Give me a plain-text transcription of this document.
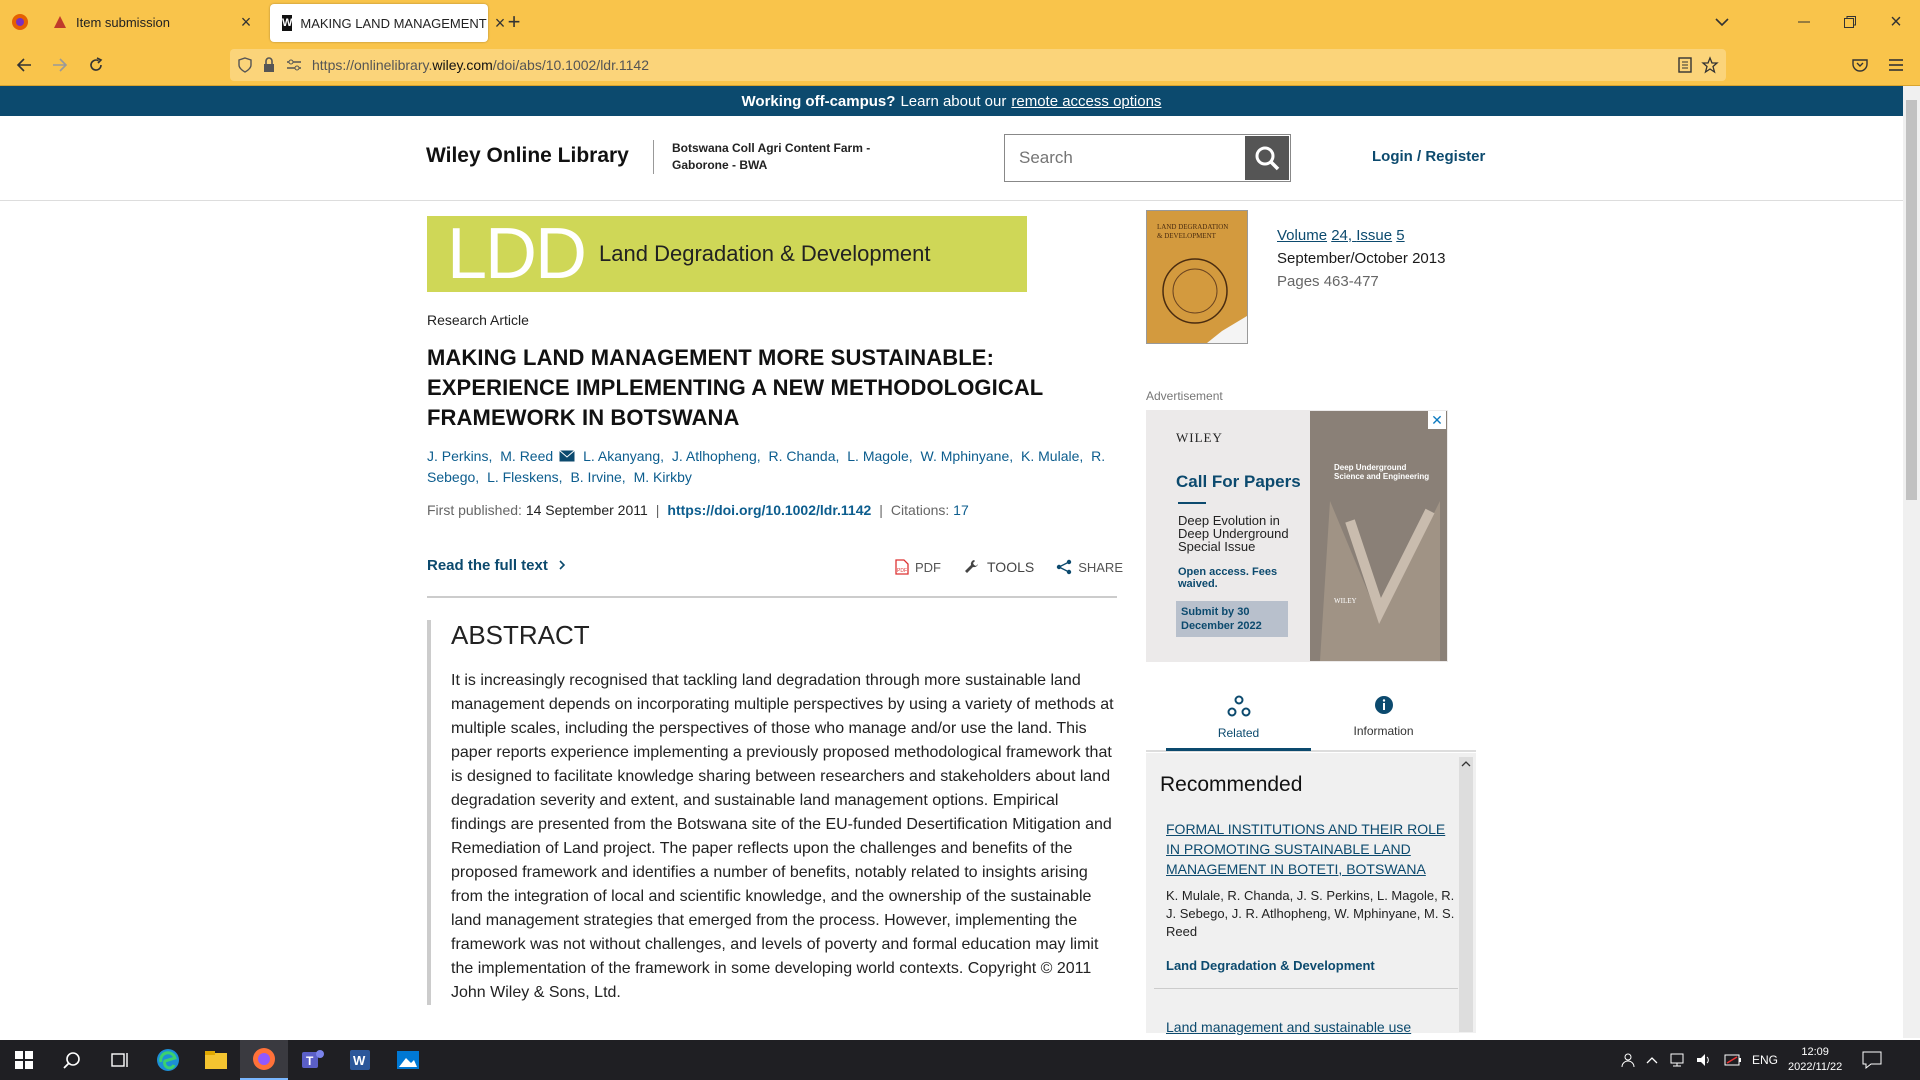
Item submission	×	W MAKING LAND MANAGEMENT × +	×
https://onlinelibrary.wiley.com/doi/abs/10.1002/ldr.1142
Working off-campus? Learn about our remote access options
Wiley Online Library	Botswana Coll Agri Content Farm - Gaborone - BWA
Search	Login / Register
LDD Land Degradation & Development
Research Article
MAKING LAND MANAGEMENT MORE SUSTAINABLE: EXPERIENCE IMPLEMENTING A NEW METHODOLOGICAL FRAMEWORK IN BOTSWANA
J. Perkins, M. Reed L. Akanyang, J. Atlhopheng, R. Chanda, L. Magole, W. Mphinyane, K. Mulale, R. Sebego, L. Fleskens, B. Irvine, M. Kirkby
First published: 14 September 2011 | https://doi.org/10.1002/ldr.1142 | Citations: 17
Read the full text	PDF PDF	TOOLS	SHARE
ABSTRACT

It is increasingly recognised that tackling land degradation through more sustainable land management depends on incorporating multiple perspectives by using a variety of methods at multiple scales, including the perspectives of those who manage and/or use the land. This paper reports experience implementing a previously proposed methodological framework that is designed to facilitate knowledge sharing between researchers and stakeholders about land degradation severity and extent, and sustainable land management options. Empirical findings are presented from the Botswana site of the EU-funded Desertification Mitigation and Remediation of Land project. The paper reflects upon the challenges and benefits of the proposed framework and identifies a number of benefits, notably related to insights arising from the integration of local and scientific knowledge, and the ownership of the sustainable land management strategies that emerged from the process. However, implementing the framework was not without challenges, and levels of poverty and formal education may limit the implementation of the framework in some developing world contexts. Copyright © 2011 John Wiley & Sons, Ltd.

LAND DEGRADATION
& DEVELOPMENT	Volume 24, Issue 5
September/October 2013
Pages 463-477
Advertisement
WILEY
Call For Papers
Deep Evolution in Deep Underground Special Issue
Open access. Fees waived.
Submit by 30 December 2022
Deep Underground Science and Engineering
WILEY
✕
Related	Information
Recommended
FORMAL INSTITUTIONS AND THEIR ROLE IN PROMOTING SUSTAINABLE LAND MANAGEMENT IN BOTETI, BOTSWANA
K. Mulale, R. Chanda, J. S. Perkins, L. Magole, R. J. Sebego, J. R. Atlhopheng, W. Mphinyane, M. S. Reed
Land Degradation & Development
Land management and sustainable use
T	W	ENG
12:09
2022/11/22
